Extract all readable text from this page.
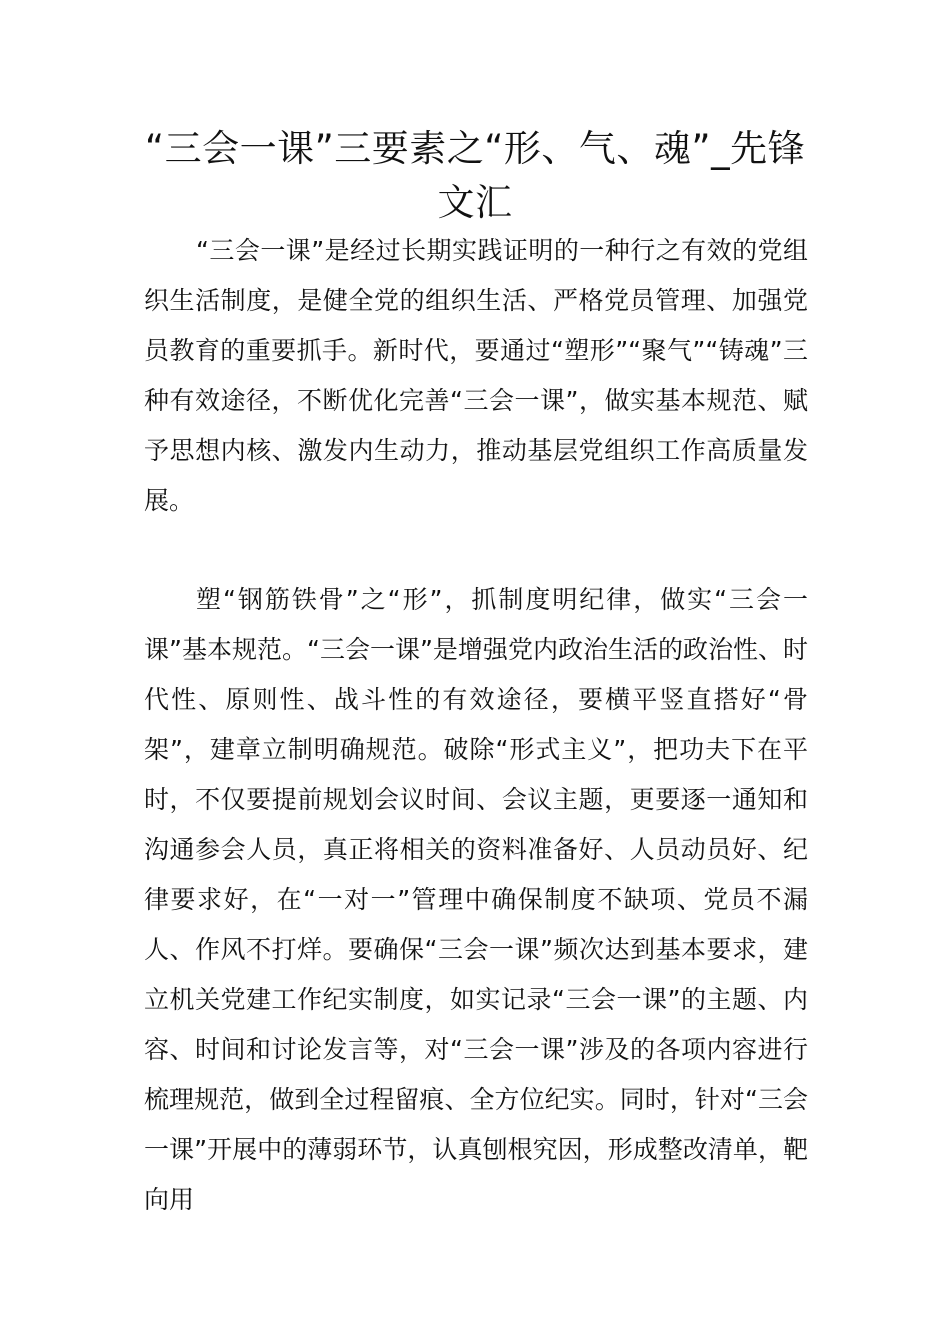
“三会一课”三要素之“形、气、魂”_先锋文汇

“三会一课”是经过长期实践证明的一种行之有效的党组织生活制度，是健全党的组织生活、严格党员管理、加强党员教育的重要抓手。新时代，要通过“塑形”“聚气”“铸魂”三种有效途径，不断优化完善“三会一课”，做实基本规范、赋予思想内核、激发内生动力，推动基层党组织工作高质量发展。

塑“钢筋铁骨”之“形”，抓制度明纪律，做实“三会一课”基本规范。“三会一课”是增强党内政治生活的政治性、时代性、原则性、战斗性的有效途径，要横平竖直搭好“骨架”，建章立制明确规范。破除“形式主义”，把功夫下在平时，不仅要提前规划会议时间、会议主题，更要逐一通知和沟通参会人员，真正将相关的资料准备好、人员动员好、纪律要求好，在“一对一”管理中确保制度不缺项、党员不漏人、作风不打烊。要确保“三会一课”频次达到基本要求，建立机关党建工作纪实制度，如实记录“三会一课”的主题、内容、时间和讨论发言等，对“三会一课”涉及的各项内容进行梳理规范，做到全过程留痕、全方位纪实。同时，针对“三会一课”开展中的薄弱环节，认真刨根究因，形成整改清单，靶向用
